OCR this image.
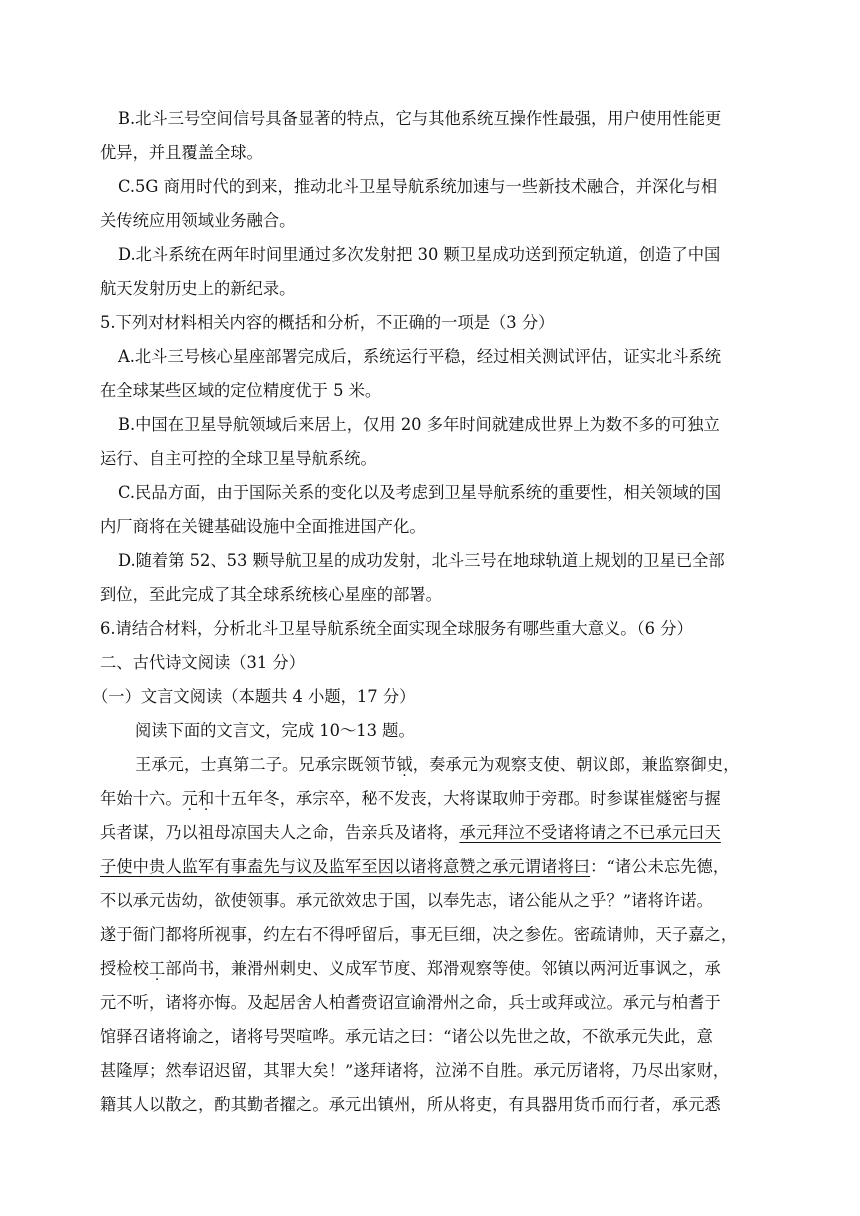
B.北斗三号空间信号具备显著的特点，它与其他系统互操作性最强，用户使用性能更
优异，并且覆盖全球。
C.5G 商用时代的到来，推动北斗卫星导航系统加速与一些新技术融合，并深化与相
关传统应用领域业务融合。
D.北斗系统在两年时间里通过多次发射把 30 颗卫星成功送到预定轨道，创造了中国
航天发射历史上的新纪录。
5.下列对材料相关内容的概括和分析，不正确的一项是（3 分）
A.北斗三号核心星座部署完成后，系统运行平稳，经过相关测试评估，证实北斗系统
在全球某些区域的定位精度优于 5 米。
B.中国在卫星导航领域后来居上，仅用 20 多年时间就建成世界上为数不多的可独立
运行、自主可控的全球卫星导航系统。
C.民品方面，由于国际关系的变化以及考虑到卫星导航系统的重要性，相关领域的国
内厂商将在关键基础设施中全面推进国产化。
D.随着第 52、53 颗导航卫星的成功发射，北斗三号在地球轨道上规划的卫星已全部
到位，至此完成了其全球系统核心星座的部署。
6.请结合材料，分析北斗卫星导航系统全面实现全球服务有哪些重大意义。（6 分）
二、古代诗文阅读（31 分）
（一）文言文阅读（本题共 4 小题，17 分）
阅读下面的文言文，完成 10～13 题。
王承元，士真第二子。兄承宗既领节钺，奏承元为观察支使、朝议郎，兼监察御史，
年始十六。元和十五年冬，承宗卒，秘不发丧，大将谋取帅于旁郡。时参谋崔燧密与握
兵者谋，乃以祖母凉国夫人之命，告亲兵及诸将，承元拜泣不受诸将请之不已承元曰天
子使中贵人监军有事盍先与议及监军至因以诸将意赞之承元谓诸将曰：“诸公未忘先德，
不以承元齿幼，欲使领事。承元欲效忠于国，以奉先志，诸公能从之乎？”诸将许诺。
遂于衙门都将所视事，约左右不得呼留后，事无巨细，决之参佐。密疏请帅，天子嘉之，
授检校工部尚书，兼滑州刺史、义成军节度、郑滑观察等使。邻镇以两河近事讽之，承
元不听，诸将亦悔。及起居舍人柏耆赍诏宣谕滑州之命，兵士或拜或泣。承元与柏耆于
馆驿召诸将谕之，诸将号哭喧哗。承元诘之曰：“诸公以先世之故，不欲承元失此，意
甚隆厚；然奉诏迟留，其罪大矣！”遂拜诸将，泣涕不自胜。承元厉诸将，乃尽出家财，
籍其人以散之，酌其勤者擢之。承元出镇州，所从将吏，有具器用货币而行者，承元悉
